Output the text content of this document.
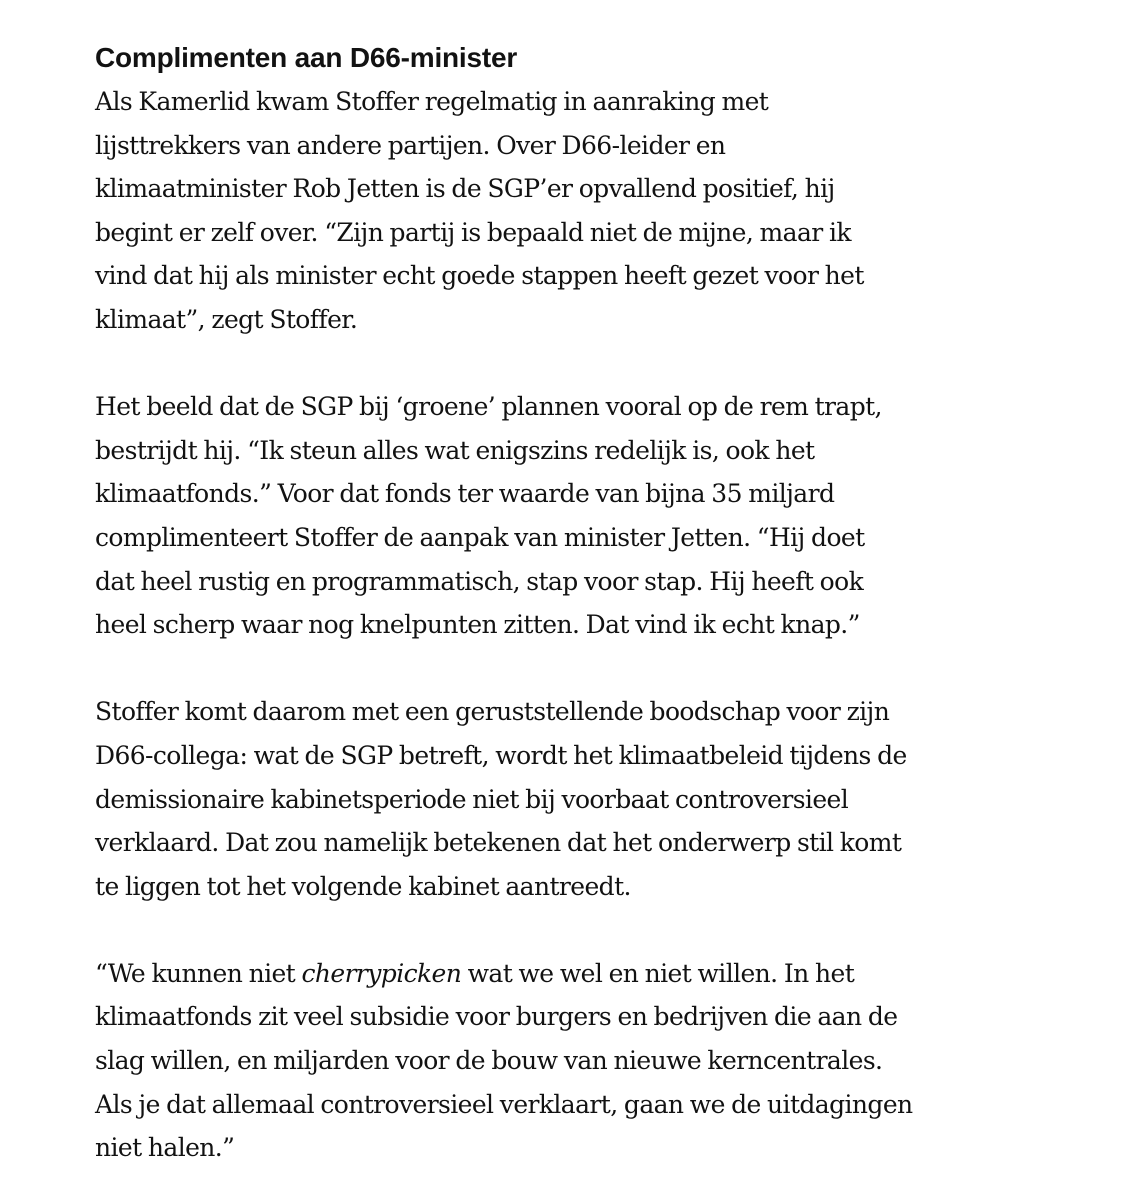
Complimenten aan D66-minister

Als Kamerlid kwam Stoffer regelmatig in aanraking met
lijsttrekkers van andere partijen. Over D66-leider en
klimaatminister Rob Jetten is de SGP’er opvallend positief, hij
begint er zelf over. “Zijn partij is bepaald niet de mijne, maar ik
vind dat hij als minister echt goede stappen heeft gezet voor het
klimaat”, zegt Stoffer.

Het beeld dat de SGP bij ‘groene’ plannen vooral op de rem trapt,
bestrijdt hij. “Ik steun alles wat enigszins redelijk is, ook het
klimaatfonds.” Voor dat fonds ter waarde van bijna 35 miljard
complimenteert Stoffer de aanpak van minister Jetten. “Hij doet
dat heel rustig en programmatisch, stap voor stap. Hij heeft ook
heel scherp waar nog knelpunten zitten. Dat vind ik echt knap.”

Stoffer komt daarom met een geruststellende boodschap voor zijn
D66-collega: wat de SGP betreft, wordt het klimaatbeleid tijdens de
demissionaire kabinetsperiode niet bij voorbaat controversieel
verklaard. Dat zou namelijk betekenen dat het onderwerp stil komt
te liggen tot het volgende kabinet aantreedt.

“We kunnen niet cherrypicken wat we wel en niet willen. In het
klimaatfonds zit veel subsidie voor burgers en bedrijven die aan de
slag willen, en miljarden voor de bouw van nieuwe kerncentrales.
Als je dat allemaal controversieel verklaart, gaan we de uitdagingen
niet halen.”
